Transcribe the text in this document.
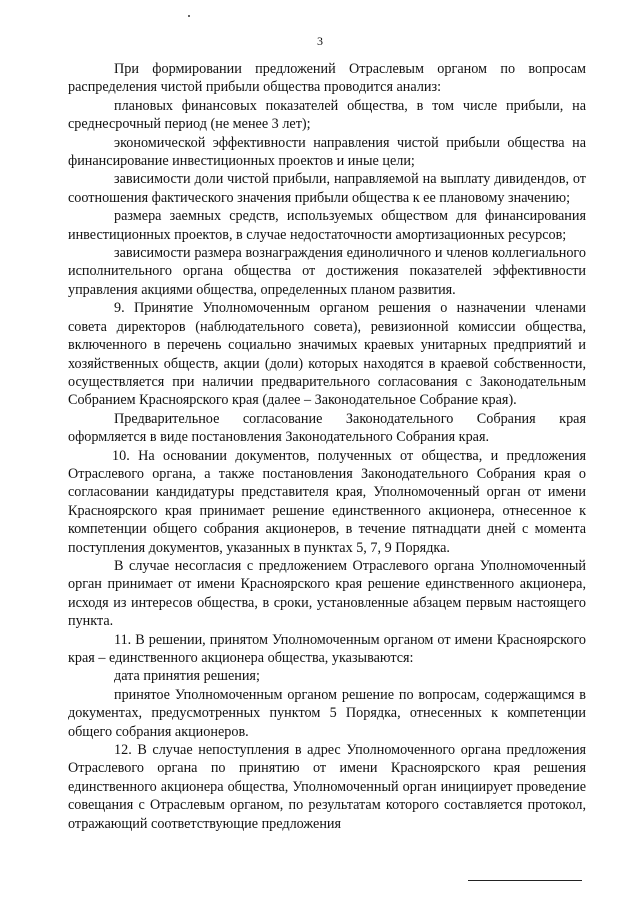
3

При формировании предложений Отраслевым органом по вопросам распределения чистой прибыли общества проводится анализ:

плановых финансовых показателей общества, в том числе прибыли, на среднесрочный период (не менее 3 лет);

экономической эффективности направления чистой прибыли общества на финансирование инвестиционных проектов и иные цели;

зависимости доли чистой прибыли, направляемой на выплату дивидендов, от соотношения фактического значения прибыли общества к ее плановому значению;

размера заемных средств, используемых обществом для финансирования инвестиционных проектов, в случае недостаточности амортизационных ресурсов;

зависимости размера вознаграждения единоличного и членов коллегиального исполнительного органа общества от достижения показателей эффективности управления акциями общества, определенных планом развития.

9. Принятие Уполномоченным органом решения о назначении членами совета директоров (наблюдательного совета), ревизионной комиссии общества, включенного в перечень социально значимых краевых унитарных предприятий и хозяйственных обществ, акции (доли) которых находятся в краевой собственности, осуществляется при наличии предварительного согласования с Законодательным Собранием Красноярского края (далее – Законодательное Собрание края).

Предварительное согласование Законодательного Собрания края оформляется в виде постановления Законодательного Собрания края.

10. На основании документов, полученных от общества, и предложения Отраслевого органа, а также постановления Законодательного Собрания края о согласовании кандидатуры представителя края, Уполномоченный орган от имени Красноярского края принимает решение единственного акционера, отнесенное к компетенции общего собрания акционеров, в течение пятнадцати дней с момента поступления документов, указанных в пунктах 5, 7, 9 Порядка.

В случае несогласия с предложением Отраслевого органа Уполномоченный орган принимает от имени Красноярского края решение единственного акционера, исходя из интересов общества, в сроки, установленные абзацем первым настоящего пункта.

11. В решении, принятом Уполномоченным органом от имени Красноярского края – единственного акционера общества, указываются:

дата принятия решения;

принятое Уполномоченным органом решение по вопросам, содержащимся в документах, предусмотренных пунктом 5 Порядка, отнесенных к компетенции общего собрания акционеров.

12. В случае непоступления в адрес Уполномоченного органа предложения Отраслевого органа по принятию от имени Красноярского края решения единственного акционера общества, Уполномоченный орган инициирует проведение совещания с Отраслевым органом, по результатам которого составляется протокол, отражающий соответствующие предложения
